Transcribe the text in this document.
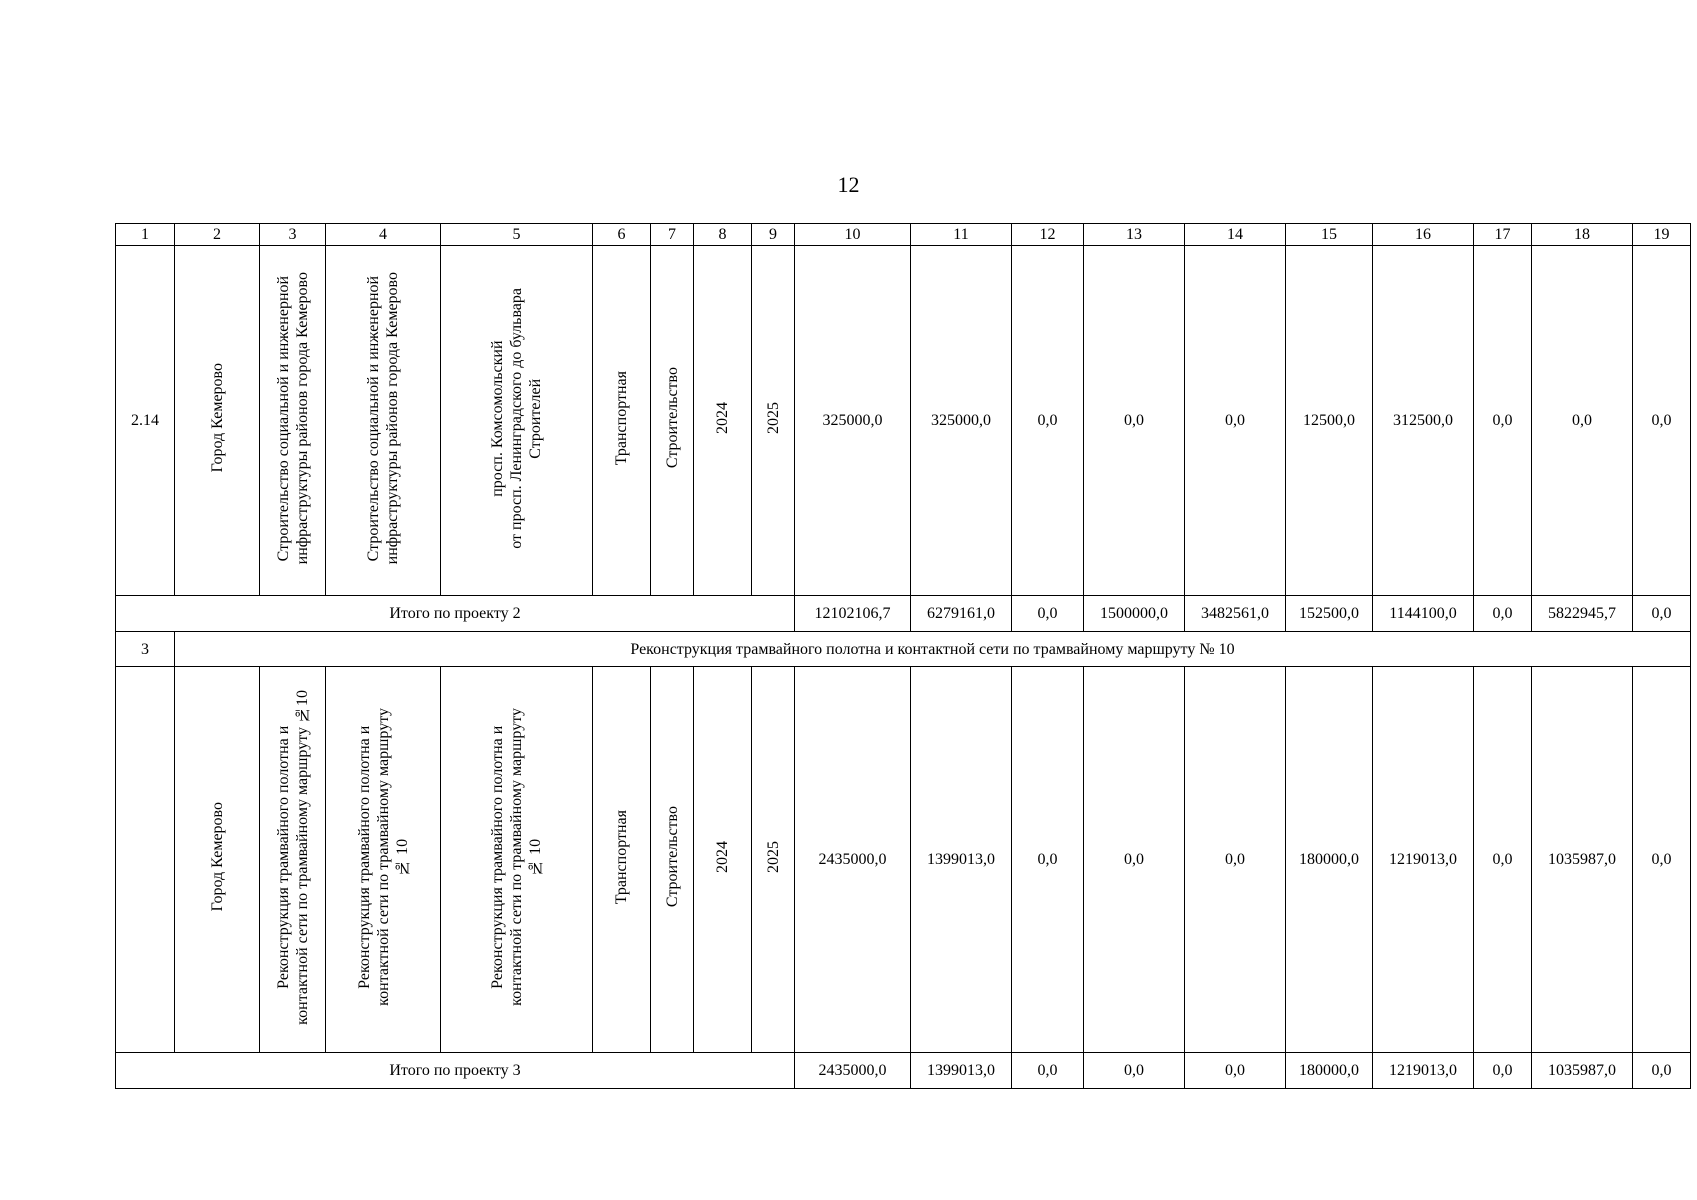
12
1	2	3	4	5	6	7	8	9	10	11	12	13	14	15	16	17	18	19
2.14	Город Кемерово	Строительство социальной и инженерной инфраструктуры районов города Кемерово	Строительство социальной и инженерной инфраструктуры районов города Кемерово	просп. Комсомольский от просп. Ленинградского до бульвара Строителей	Транспортная	Строительство	2024	2025	325000,0	325000,0	0,0	0,0	0,0	12500,0	312500,0	0,0	0,0	0,0
Итого по проекту 2									12102106,7	6279161,0	0,0	1500000,0	3482561,0	152500,0	1144100,0	0,0	5822945,7	0,0
3	Реконструкция трамвайного полотна и контактной сети по трамвайному маршруту № 10																	
	Город Кемерово	Реконструкция трамвайного полотна и контактной сети по трамвайному маршруту №10	Реконструкция трамвайного полотна и контактной сети по трамвайному маршруту № 10	Реконструкция трамвайного полотна и контактной сети по трамвайному маршруту № 10	Транспортная	Строительство	2024	2025	2435000,0	1399013,0	0,0	0,0	0,0	180000,0	1219013,0	0,0	1035987,0	0,0
Итого по проекту 3									2435000,0	1399013,0	0,0	0,0	0,0	180000,0	1219013,0	0,0	1035987,0	0,0
